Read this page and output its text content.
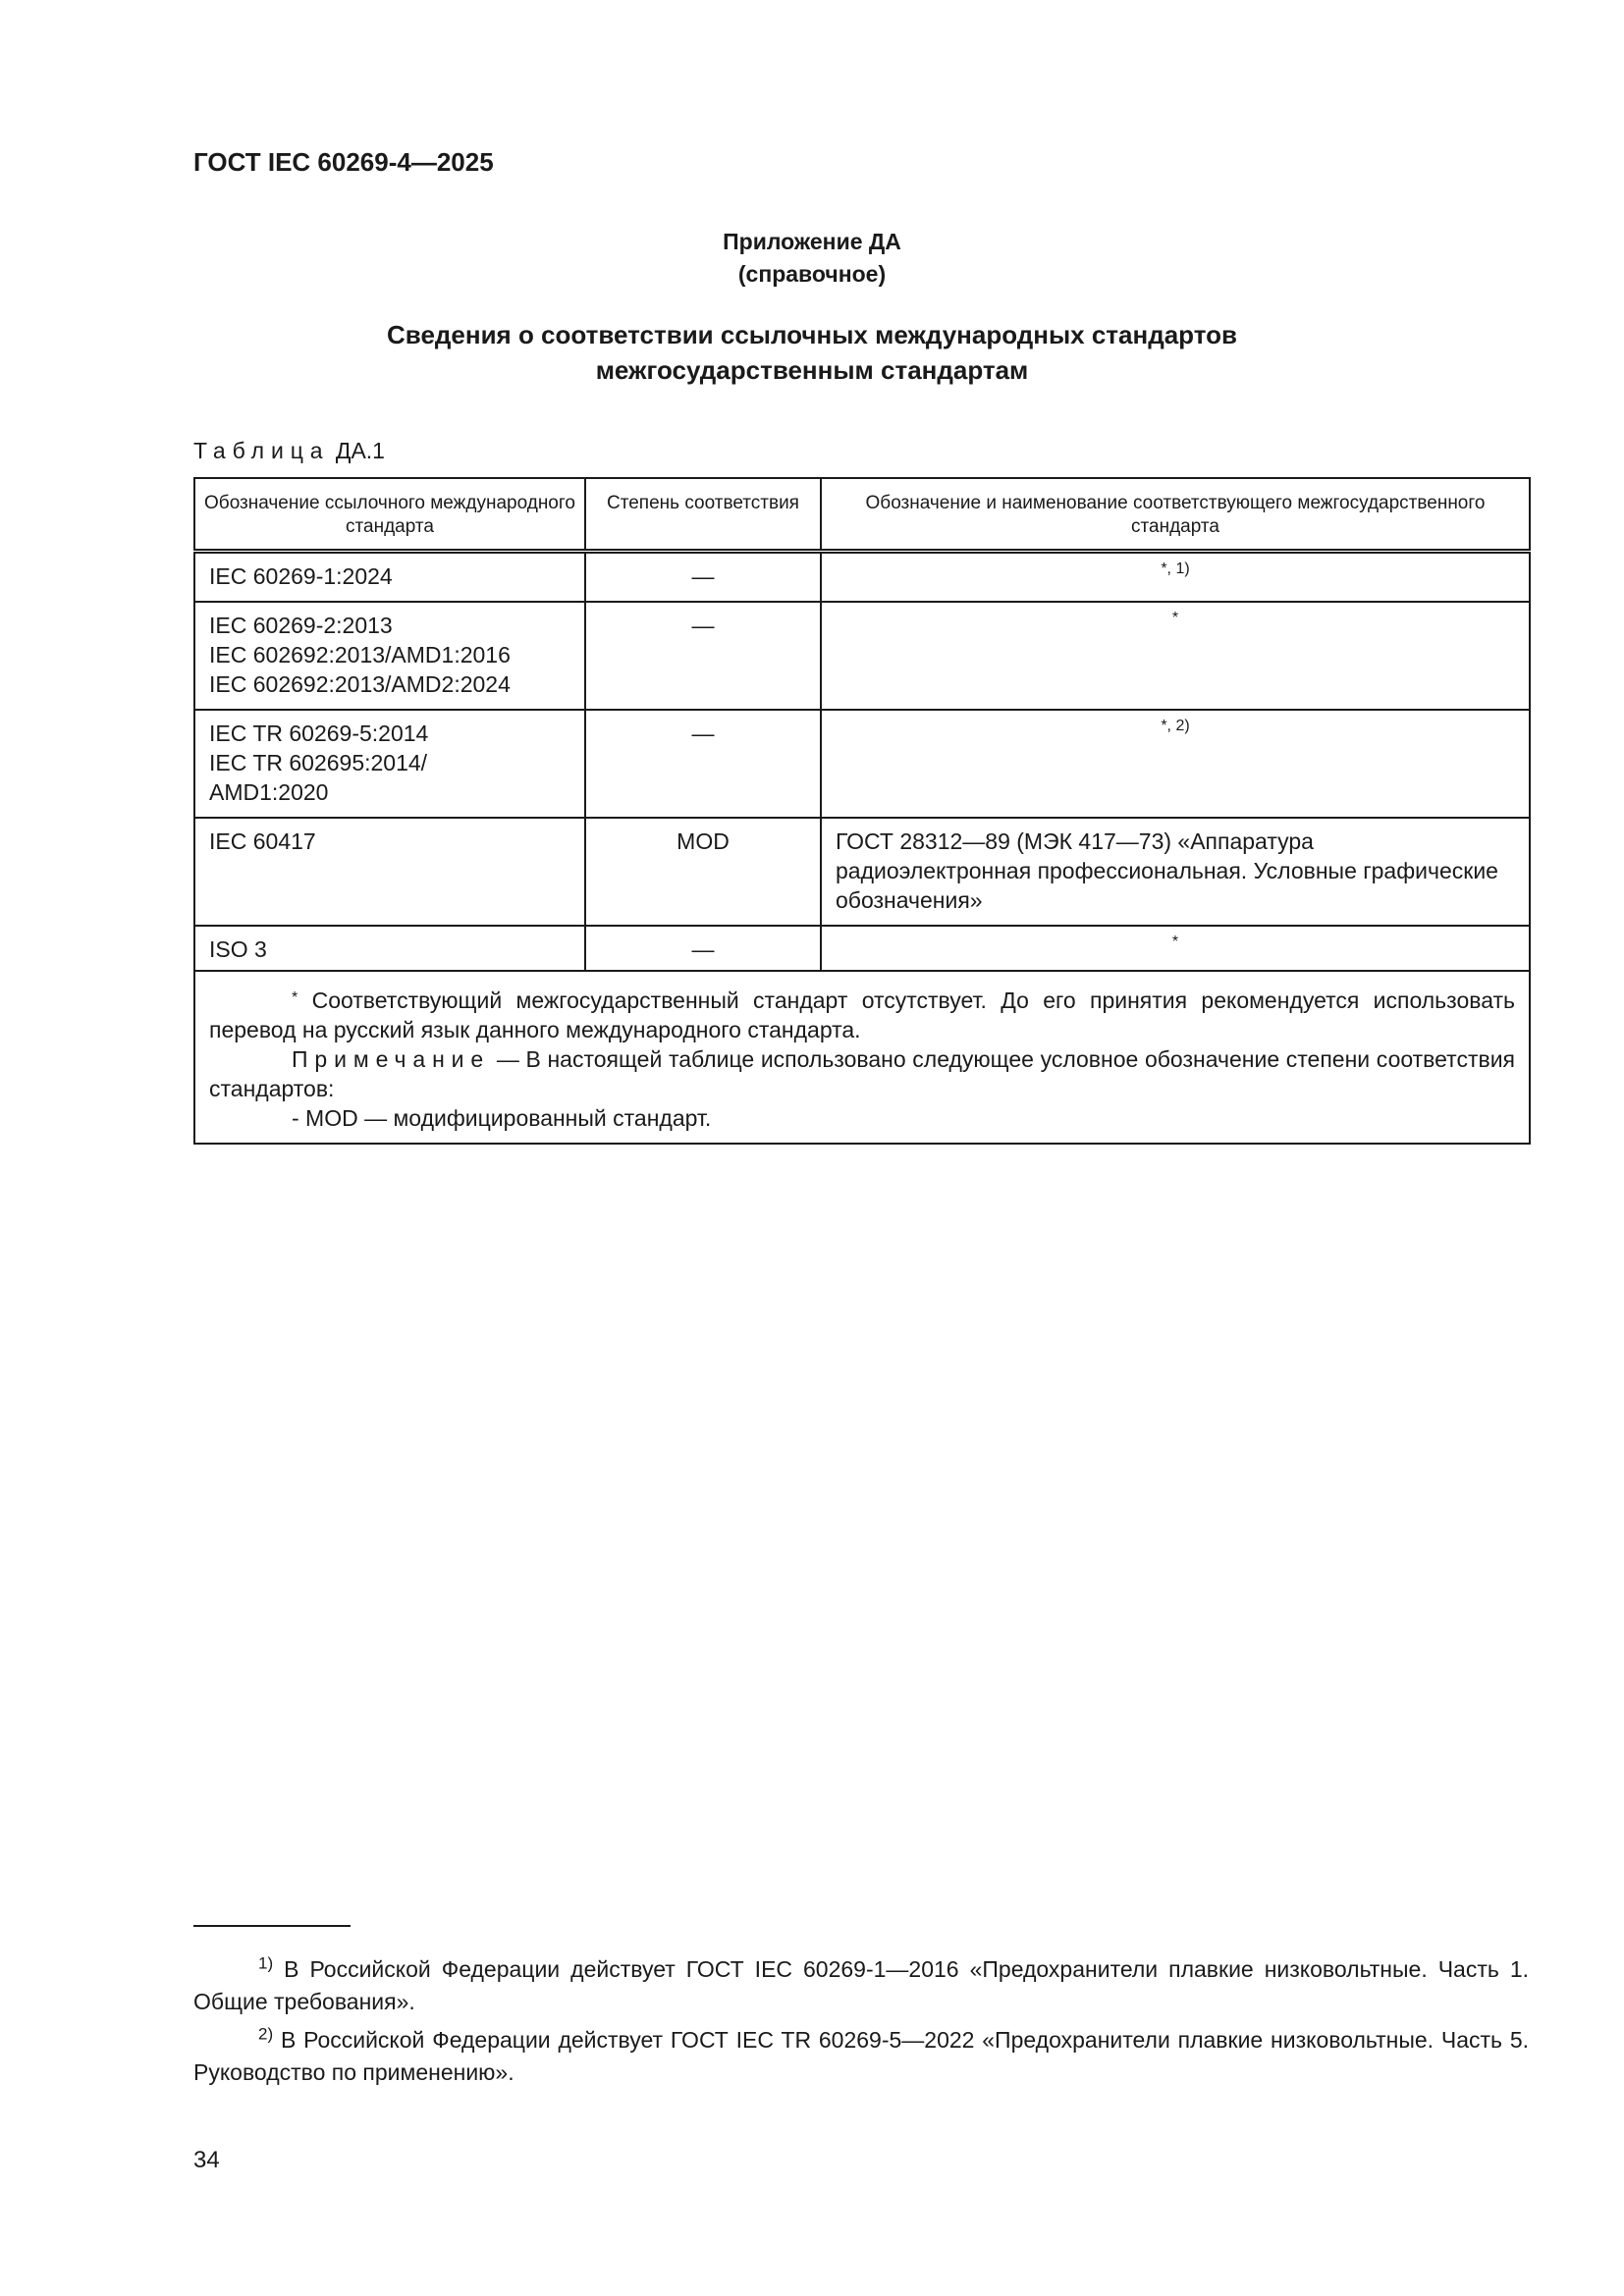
ГОСТ IEC 60269-4—2025
Приложение ДА
(справочное)
Сведения о соответствии ссылочных международных стандартов
межгосударственным стандартам
Таблица ДА.1
Обозначение ссылочного международного стандарта	Степень соответствия	Обозначение и наименование соответствующего межгосударственного стандарта

IEC 60269-1:2024	—	*, 1)

IEC 60269-2:2013
IEC 602692:2013/AMD1:2016
IEC 602692:2013/AMD2:2024	—	*

IEC TR 60269-5:2014
IEC TR 602695:2014/
AMD1:2020	—	*, 2)

IEC 60417	MOD	ГОСТ 28312—89 (МЭК 417—73) «Аппаратура радиоэлектронная профессиональная. Условные графические обозначения»

ISO 3	—	*

* Соответствующий межгосударственный стандарт отсутствует. До его принятия рекомендуется использовать перевод на русский язык данного международного стандарта.

Примечание — В настоящей таблице использовано следующее условное обозначение степени соответствия стандартов:

- MOD — модифицированный стандарт.		

$^{1)}$ В Российской Федерации действует ГОСТ IEC 60269-1—2016 «Предохранители плавкие низковольтные. Часть 1. Общие требования».

$^{2)}$ В Российской Федерации действует ГОСТ IEC TR 60269-5—2022 «Предохранители плавкие низковольтные. Часть 5. Руководство по применению».

34
